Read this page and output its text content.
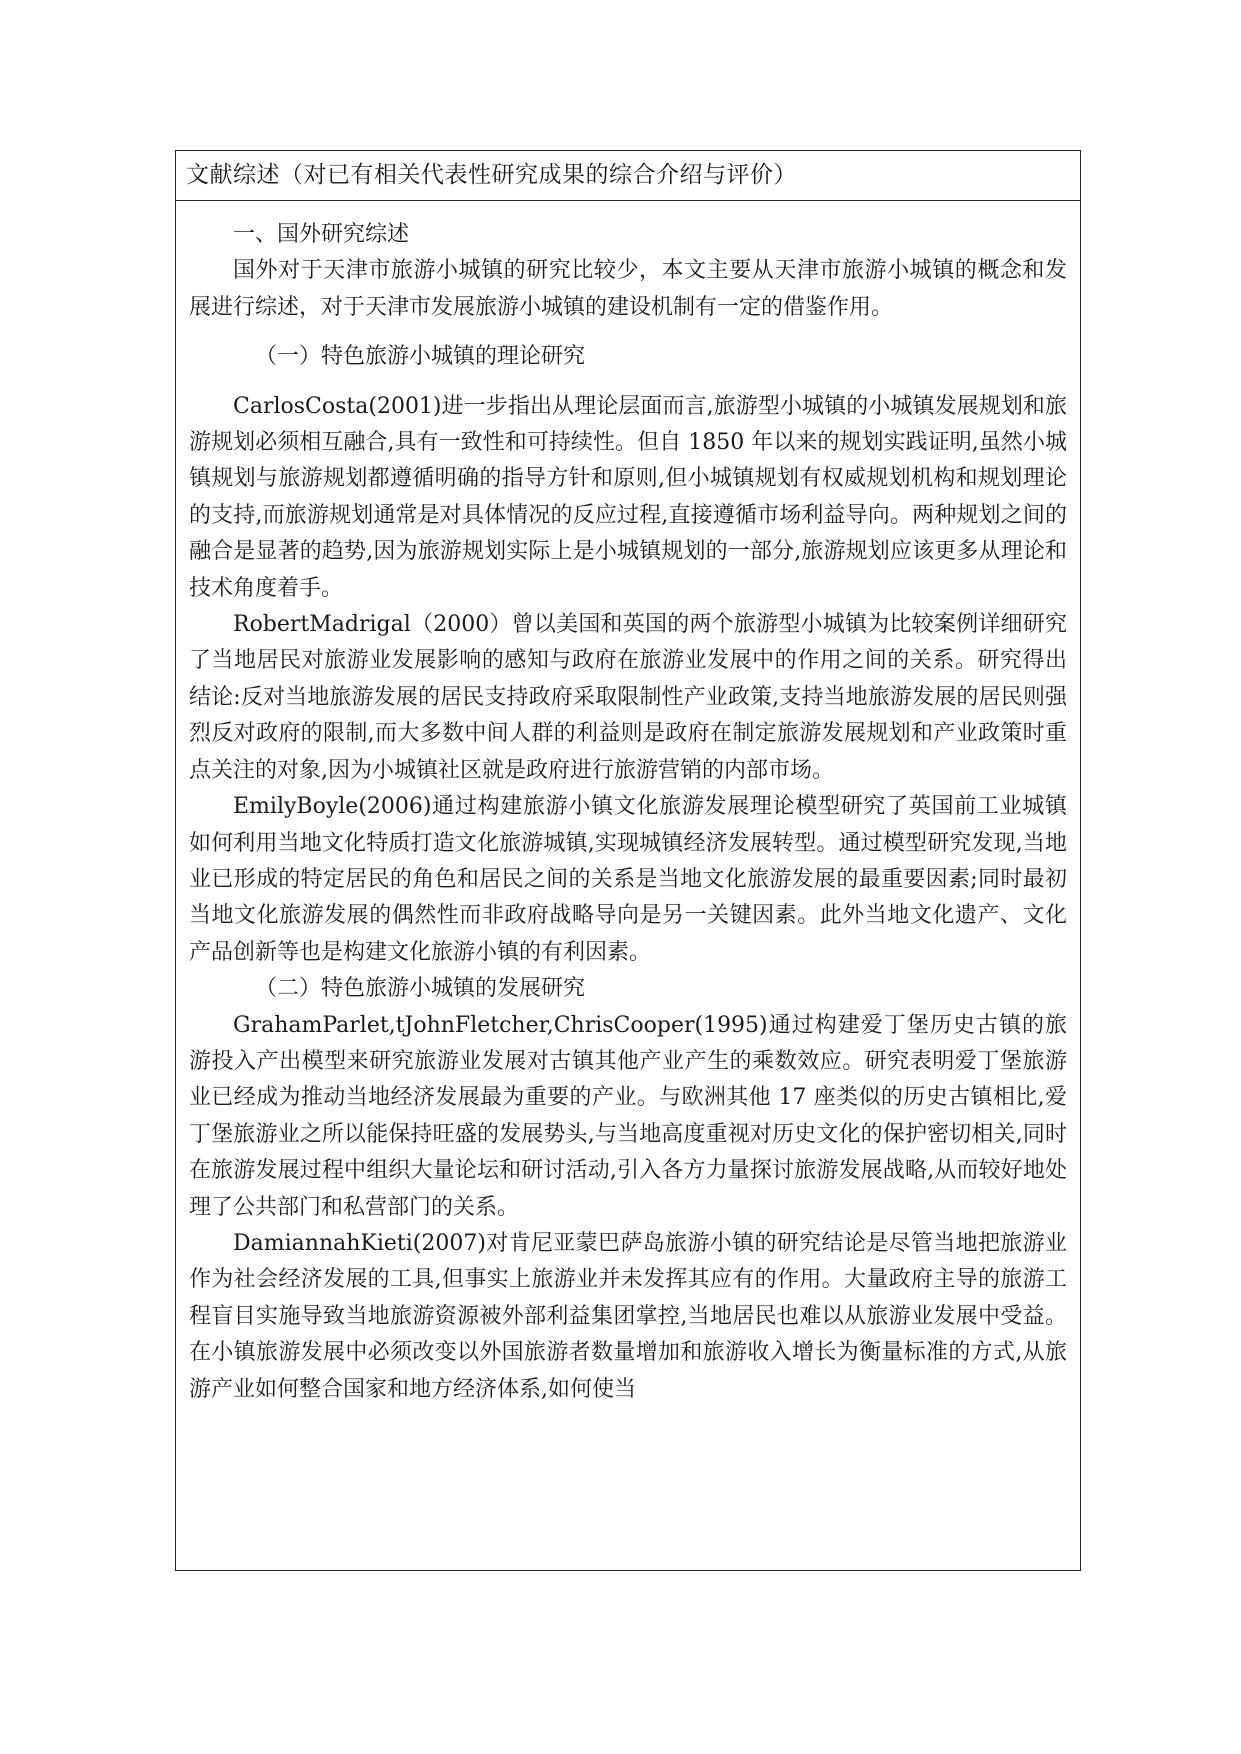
文献综述（对已有相关代表性研究成果的综合介绍与评价）

一、国外研究综述

国外对于天津市旅游小城镇的研究比较少，本文主要从天津市旅游小城镇的概念和发展进行综述，对于天津市发展旅游小城镇的建设机制有一定的借鉴作用。

（一）特色旅游小城镇的理论研究

CarlosCosta(2001)进一步指出从理论层面而言,旅游型小城镇的小城镇发展规划和旅游规划必须相互融合,具有一致性和可持续性。但自 1850 年以来的规划实践证明,虽然小城镇规划与旅游规划都遵循明确的指导方针和原则,但小城镇规划有权威规划机构和规划理论的支持,而旅游规划通常是对具体情况的反应过程,直接遵循市场利益导向。两种规划之间的融合是显著的趋势,因为旅游规划实际上是小城镇规划的一部分,旅游规划应该更多从理论和技术角度着手。

RobertMadrigal（2000）曾以美国和英国的两个旅游型小城镇为比较案例详细研究了当地居民对旅游业发展影响的感知与政府在旅游业发展中的作用之间的关系。研究得出结论:反对当地旅游发展的居民支持政府采取限制性产业政策,支持当地旅游发展的居民则强烈反对政府的限制,而大多数中间人群的利益则是政府在制定旅游发展规划和产业政策时重点关注的对象,因为小城镇社区就是政府进行旅游营销的内部市场。

EmilyBoyle(2006)通过构建旅游小镇文化旅游发展理论模型研究了英国前工业城镇如何利用当地文化特质打造文化旅游城镇,实现城镇经济发展转型。通过模型研究发现,当地业已形成的特定居民的角色和居民之间的关系是当地文化旅游发展的最重要因素;同时最初当地文化旅游发展的偶然性而非政府战略导向是另一关键因素。此外当地文化遗产、文化产品创新等也是构建文化旅游小镇的有利因素。

（二）特色旅游小城镇的发展研究

GrahamParlet,tJohnFletcher,ChrisCooper(1995)通过构建爱丁堡历史古镇的旅游投入产出模型来研究旅游业发展对古镇其他产业产生的乘数效应。研究表明爱丁堡旅游业已经成为推动当地经济发展最为重要的产业。与欧洲其他 17 座类似的历史古镇相比,爱丁堡旅游业之所以能保持旺盛的发展势头,与当地高度重视对历史文化的保护密切相关,同时在旅游发展过程中组织大量论坛和研讨活动,引入各方力量探讨旅游发展战略,从而较好地处理了公共部门和私营部门的关系。

DamiannahKieti(2007)对肯尼亚蒙巴萨岛旅游小镇的研究结论是尽管当地把旅游业作为社会经济发展的工具,但事实上旅游业并未发挥其应有的作用。大量政府主导的旅游工程盲目实施导致当地旅游资源被外部利益集团掌控,当地居民也难以从旅游业发展中受益。在小镇旅游发展中必须改变以外国旅游者数量增加和旅游收入增长为衡量标准的方式,从旅游产业如何整合国家和地方经济体系,如何使当
